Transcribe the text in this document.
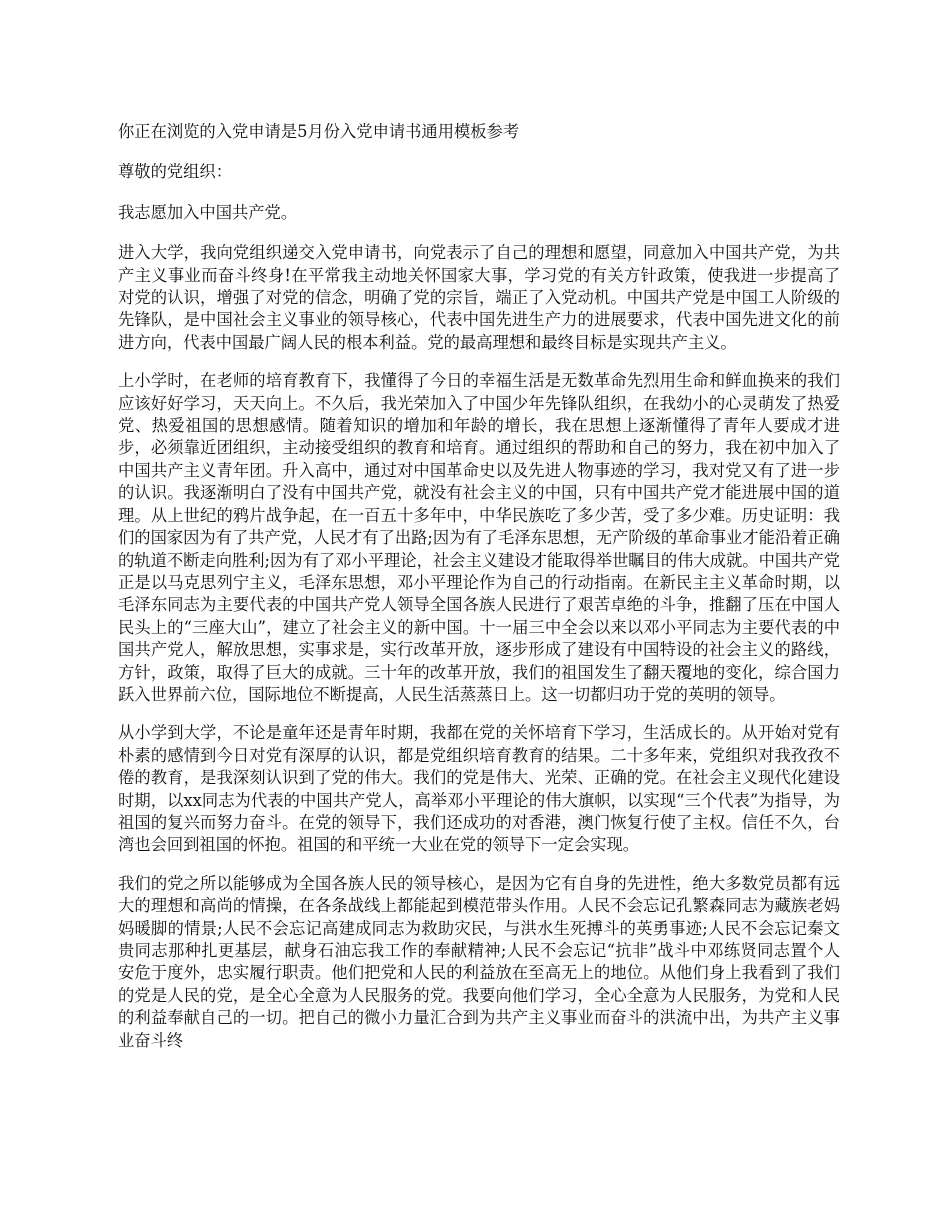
你正在浏览的入党申请是5月份入党申请书通用模板参考

尊敬的党组织：

我志愿加入中国共产党。

进入大学，我向党组织递交入党申请书，向党表示了自己的理想和愿望，同意加入中国共产党，为共产主义事业而奋斗终身!在平常我主动地关怀国家大事，学习党的有关方针政策，使我进一步提高了对党的认识，增强了对党的信念，明确了党的宗旨，端正了入党动机。中国共产党是中国工人阶级的先锋队，是中国社会主义事业的领导核心，代表中国先进生产力的进展要求，代表中国先进文化的前进方向，代表中国最广阔人民的根本利益。党的最高理想和最终目标是实现共产主义。

上小学时，在老师的培育教育下，我懂得了今日的幸福生活是无数革命先烈用生命和鲜血换来的我们应该好好学习，天天向上。不久后，我光荣加入了中国少年先锋队组织，在我幼小的心灵萌发了热爱党、热爱祖国的思想感情。随着知识的增加和年龄的增长，我在思想上逐渐懂得了青年人要成才进步，必须靠近团组织，主动接受组织的教育和培育。通过组织的帮助和自己的努力，我在初中加入了中国共产主义青年团。升入高中，通过对中国革命史以及先进人物事迹的学习，我对党又有了进一步的认识。我逐渐明白了没有中国共产党，就没有社会主义的中国，只有中国共产党才能进展中国的道理。从上世纪的鸦片战争起，在一百五十多年中，中华民族吃了多少苦，受了多少难。历史证明：我们的国家因为有了共产党，人民才有了出路;因为有了毛泽东思想，无产阶级的革命事业才能沿着正确的轨道不断走向胜利;因为有了邓小平理论，社会主义建设才能取得举世瞩目的伟大成就。中国共产党正是以马克思列宁主义，毛泽东思想，邓小平理论作为自己的行动指南。在新民主主义革命时期，以毛泽东同志为主要代表的中国共产党人领导全国各族人民进行了艰苦卓绝的斗争，推翻了压在中国人民头上的“三座大山”，建立了社会主义的新中国。十一届三中全会以来以邓小平同志为主要代表的中国共产党人，解放思想，实事求是，实行改革开放，逐步形成了建设有中国特设的社会主义的路线，方针，政策，取得了巨大的成就。三十年的改革开放，我们的祖国发生了翻天覆地的变化，综合国力跃入世界前六位，国际地位不断提高，人民生活蒸蒸日上。这一切都归功于党的英明的领导。

从小学到大学，不论是童年还是青年时期，我都在党的关怀培育下学习，生活成长的。从开始对党有朴素的感情到今日对党有深厚的认识，都是党组织培育教育的结果。二十多年来，党组织对我孜孜不倦的教育，是我深刻认识到了党的伟大。我们的党是伟大、光荣、正确的党。在社会主义现代化建设时期，以xx同志为代表的中国共产党人，高举邓小平理论的伟大旗帜，以实现“三个代表”为指导，为祖国的复兴而努力奋斗。在党的领导下，我们还成功的对香港，澳门恢复行使了主权。信任不久，台湾也会回到祖国的怀抱。祖国的和平统一大业在党的领导下一定会实现。

我们的党之所以能够成为全国各族人民的领导核心，是因为它有自身的先进性，绝大多数党员都有远大的理想和高尚的情操，在各条战线上都能起到模范带头作用。人民不会忘记孔繁森同志为藏族老妈妈暖脚的情景;人民不会忘记高建成同志为救助灾民，与洪水生死搏斗的英勇事迹;人民不会忘记秦文贵同志那种扎更基层，献身石油忘我工作的奉献精神;人民不会忘记“抗非”战斗中邓练贤同志置个人安危于度外，忠实履行职责。他们把党和人民的利益放在至高无上的地位。从他们身上我看到了我们的党是人民的党，是全心全意为人民服务的党。我要向他们学习，全心全意为人民服务，为党和人民的利益奉献自己的一切。把自己的微小力量汇合到为共产主义事业而奋斗的洪流中出，为共产主义事业奋斗终
